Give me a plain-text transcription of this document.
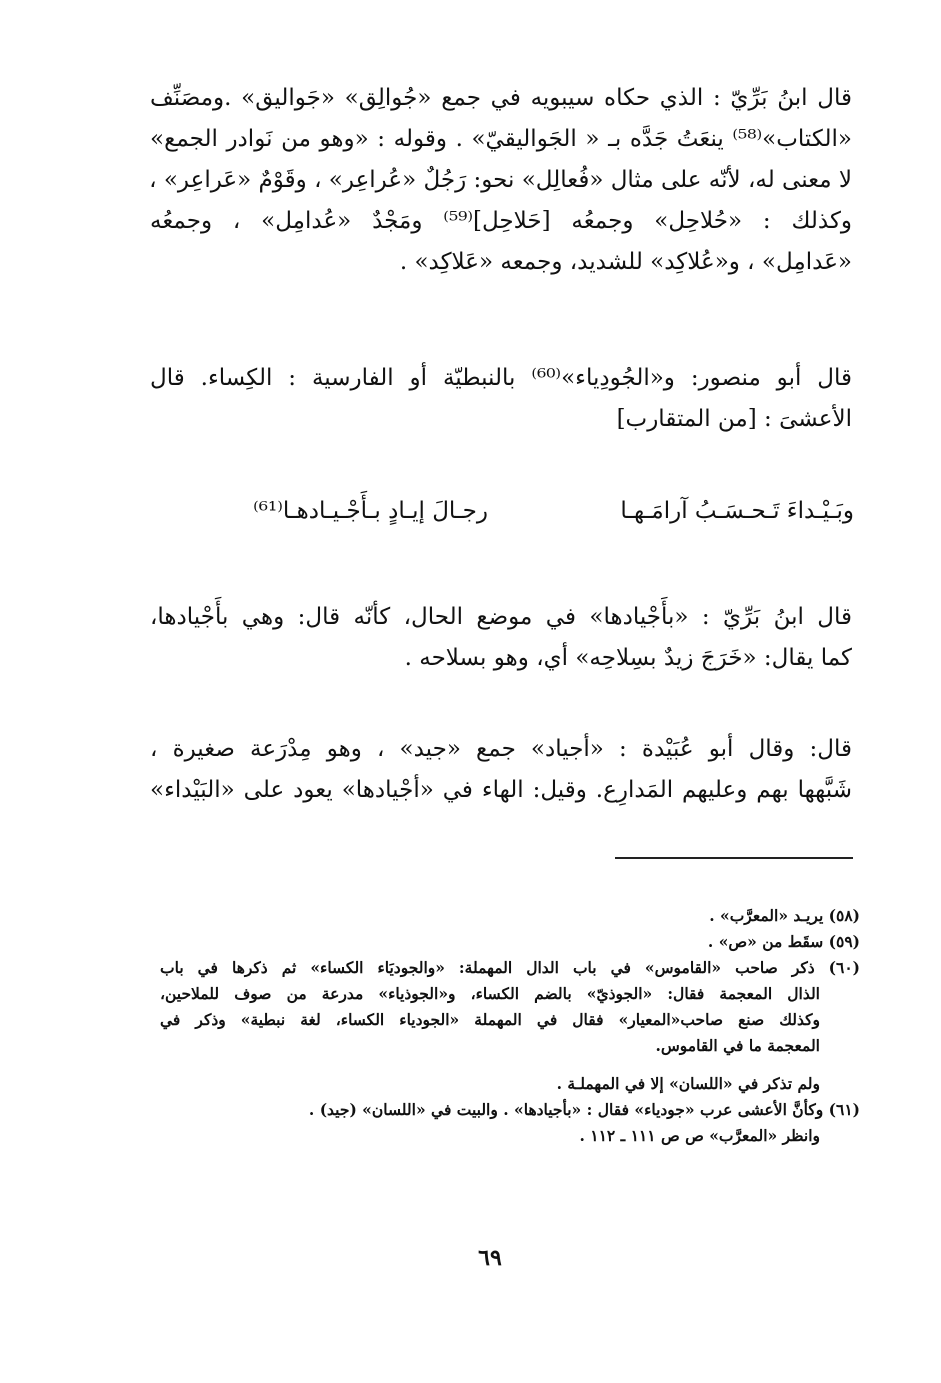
قال ابنُ بَرِّيّ : الذي حكاه سيبويه في جمع «جُوالِق» «جَواليق» .ومصَنِّف
«الكتاب»⁽⁵⁸⁾ ينعَتُ جَدَّه بـ « الجَواليقيّ» . وقوله : «وهو من نَوادر الجمع»
لا معنى له، لأنّه على مثال «فُعالِل» نحو: رَجُلٌ «عُراعِر» ، وقَوْمٌ «عَراعِر» ،
وكذلك : «حُلاحِل» وجمعُه [حَلاحِل]⁽⁵⁹⁾ ومَجْدٌ «عُدامِل» ، وجمعُه
«عَدامِل» ، و«عُلاكِد» للشديد، وجمعه «عَلاكِد» .
قال أبو منصور: و«الجُودِياء»⁽⁶⁰⁾ بالنبطيّة أو الفارسية : الكِساء. قال
الأعشىَ : [من المتقارب]
وبَـيْـداءَ تَـحـسَـبُ آرامَـهـا
رجـالَ إيـادٍ بـأَجْـيـادهـا⁽⁶¹⁾
قال ابنُ بَرِّيّ : «بأَجْيادها» في موضع الحال، كأنّه قال: وهي بأَجْيادها،
كما يقال: «خَرَجَ زيدٌ بسِلاحِه» أي، وهو بسلاحه .
قال: وقال أبو عُبَيْدة : «أجياد» جمع «جيد» ، وهو مِدْرَعة صغيرة ،
شَبَّهها بهم وعليهم المَدارِع. وقيل: الهاء في «أجْيادها» يعود على «البَيْداء»
(٥٨) يريـد «المعرَّب» .
(٥٩) سقَط من «ص» .
(٦٠) ذكر صاحب «القاموس» في باب الدال المهملة: «والجوديَاء الكساء» ثم ذكرها في باب
الذال المعجمة فقال: «الجوذيّ» بالضم الكساء، و«الجوذياء» مدرعة من صوف للملاحين،
وكذلك صنع صاحب«المعيار» فقال في المهملة «الجودياء الكساء، لغة نبطية» وذكر في
المعجمة ما في القاموس.
ولم تذكر في «اللسان» إلا في المهملـة .
(٦١) وكأنَّ الأعشى عرب «جودياء» فقال : «بأجيادها» . والبيت في «اللسان» (جيد) .
وانظر «المعرَّب» ص ص ١١١ ـ ١١٢ .
٦٩
